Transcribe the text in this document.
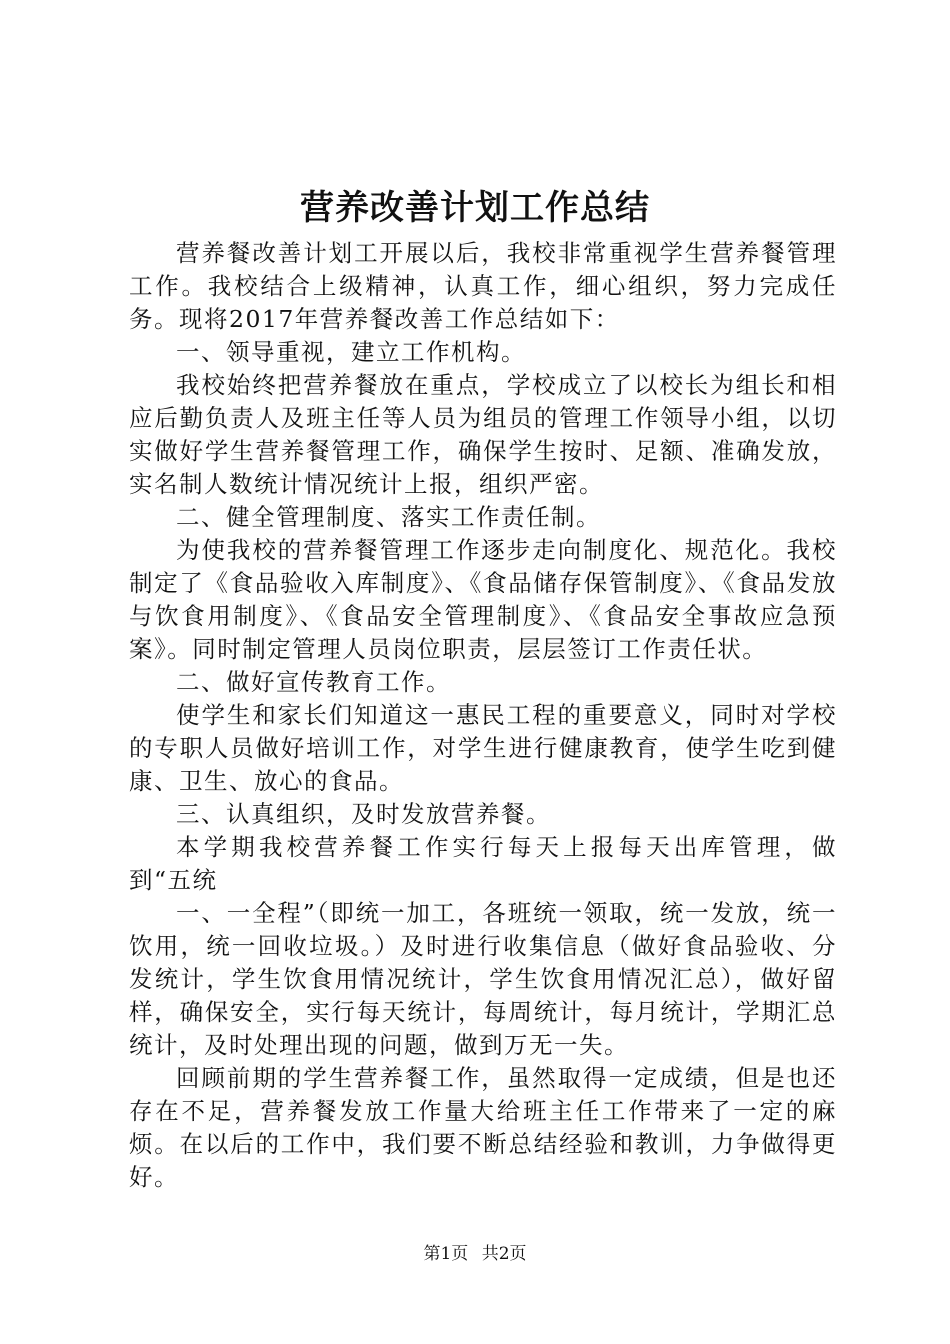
营养改善计划工作总结

营养餐改善计划工开展以后，我校非常重视学生营养餐管理工作。我校结合上级精神，认真工作，细心组织，努力完成任务。现将2017年营养餐改善工作总结如下：

一、领导重视，建立工作机构。

我校始终把营养餐放在重点，学校成立了以校长为组长和相应后勤负责人及班主任等人员为组员的管理工作领导小组，以切实做好学生营养餐管理工作，确保学生按时、足额、准确发放，实名制人数统计情况统计上报，组织严密。

二、健全管理制度、落实工作责任制。

为使我校的营养餐管理工作逐步走向制度化、规范化。我校制定了《食品验收入库制度》、《食品储存保管制度》、《食品发放与饮食用制度》、《食品安全管理制度》、《食品安全事故应急预案》。同时制定管理人员岗位职责，层层签订工作责任状。

二、做好宣传教育工作。

使学生和家长们知道这一惠民工程的重要意义，同时对学校的专职人员做好培训工作，对学生进行健康教育，使学生吃到健康、卫生、放心的食品。

三、认真组织，及时发放营养餐。

本学期我校营养餐工作实行每天上报每天出库管理，做到“五统

一、一全程”（即统一加工，各班统一领取，统一发放，统一饮用，统一回收垃圾。）及时进行收集信息（做好食品验收、分发统计，学生饮食用情况统计，学生饮食用情况汇总），做好留样，确保安全，实行每天统计，每周统计，每月统计，学期汇总统计，及时处理出现的问题，做到万无一失。

回顾前期的学生营养餐工作，虽然取得一定成绩，但是也还存在不足，营养餐发放工作量大给班主任工作带来了一定的麻烦。在以后的工作中，我们要不断总结经验和教训，力争做得更好。

第1页 共2页
